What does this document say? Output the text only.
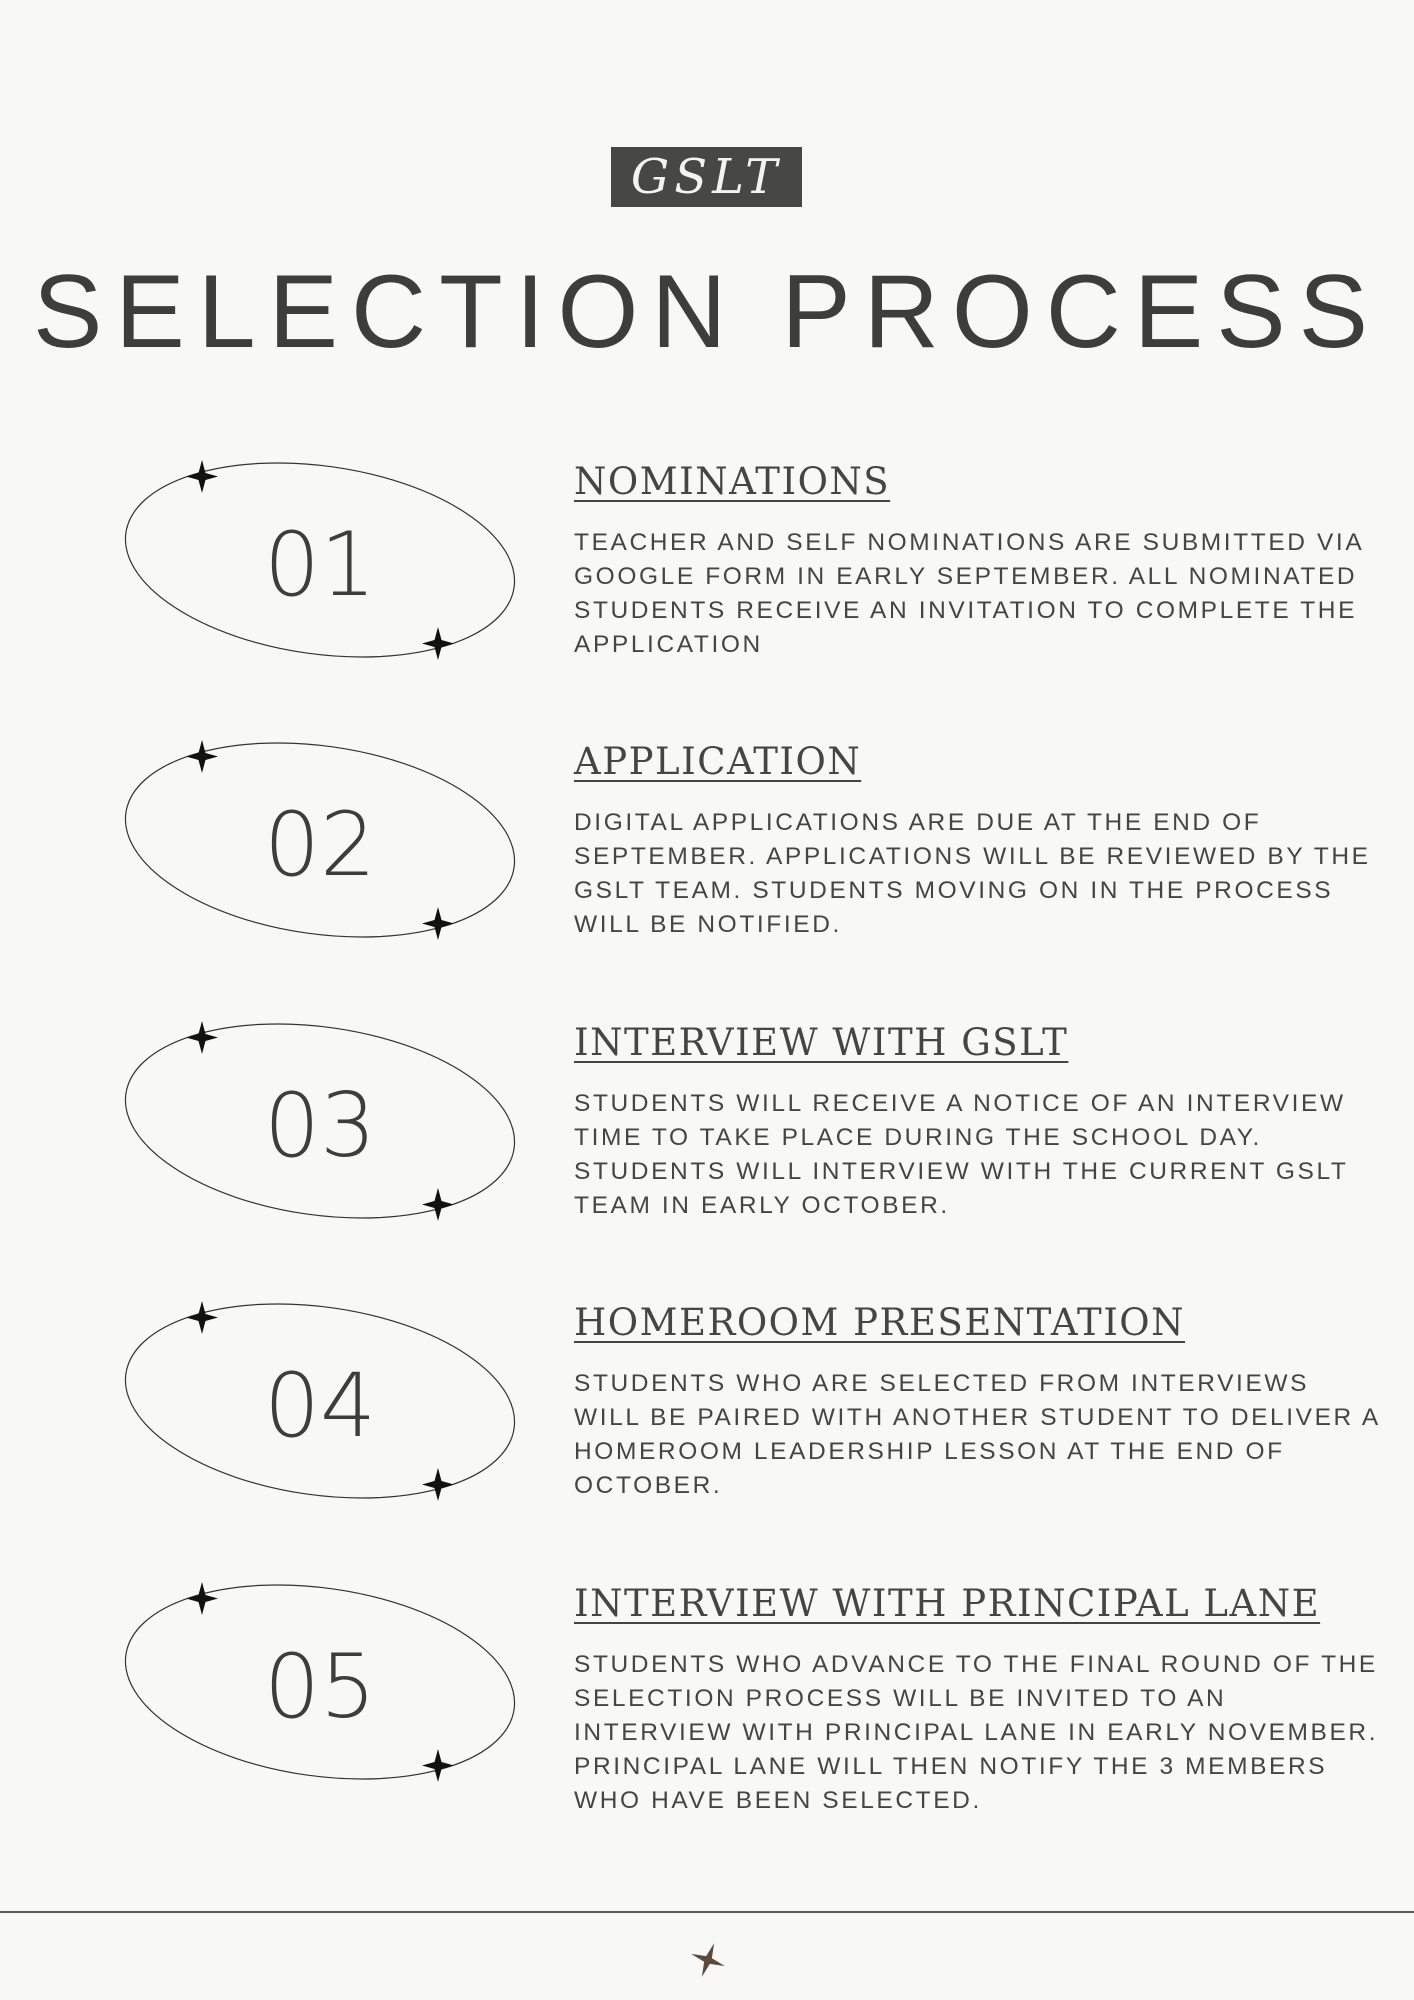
GSLT
SELECTION PROCESS
01
NOMINATIONS
TEACHER AND SELF NOMINATIONS ARE SUBMITTED VIA GOOGLE FORM IN EARLY SEPTEMBER. ALL NOMINATED STUDENTS RECEIVE AN INVITATION TO COMPLETE THE APPLICATION
02
APPLICATION
DIGITAL APPLICATIONS ARE DUE AT THE END OF SEPTEMBER. APPLICATIONS WILL BE REVIEWED BY THE GSLT TEAM. STUDENTS MOVING ON IN THE PROCESS WILL BE NOTIFIED.
03
INTERVIEW WITH GSLT
STUDENTS WILL RECEIVE A NOTICE OF AN INTERVIEW TIME TO TAKE PLACE DURING THE SCHOOL DAY. STUDENTS WILL INTERVIEW WITH THE CURRENT GSLT TEAM IN EARLY OCTOBER.
04
HOMEROOM PRESENTATION
STUDENTS WHO ARE SELECTED FROM INTERVIEWS WILL BE PAIRED WITH ANOTHER STUDENT TO DELIVER A HOMEROOM LEADERSHIP LESSON AT THE END OF OCTOBER.
05
INTERVIEW WITH PRINCIPAL LANE
STUDENTS WHO ADVANCE TO THE FINAL ROUND OF THE SELECTION PROCESS WILL BE INVITED TO AN INTERVIEW WITH PRINCIPAL LANE IN EARLY NOVEMBER. PRINCIPAL LANE WILL THEN NOTIFY THE 3 MEMBERS WHO HAVE BEEN SELECTED.
